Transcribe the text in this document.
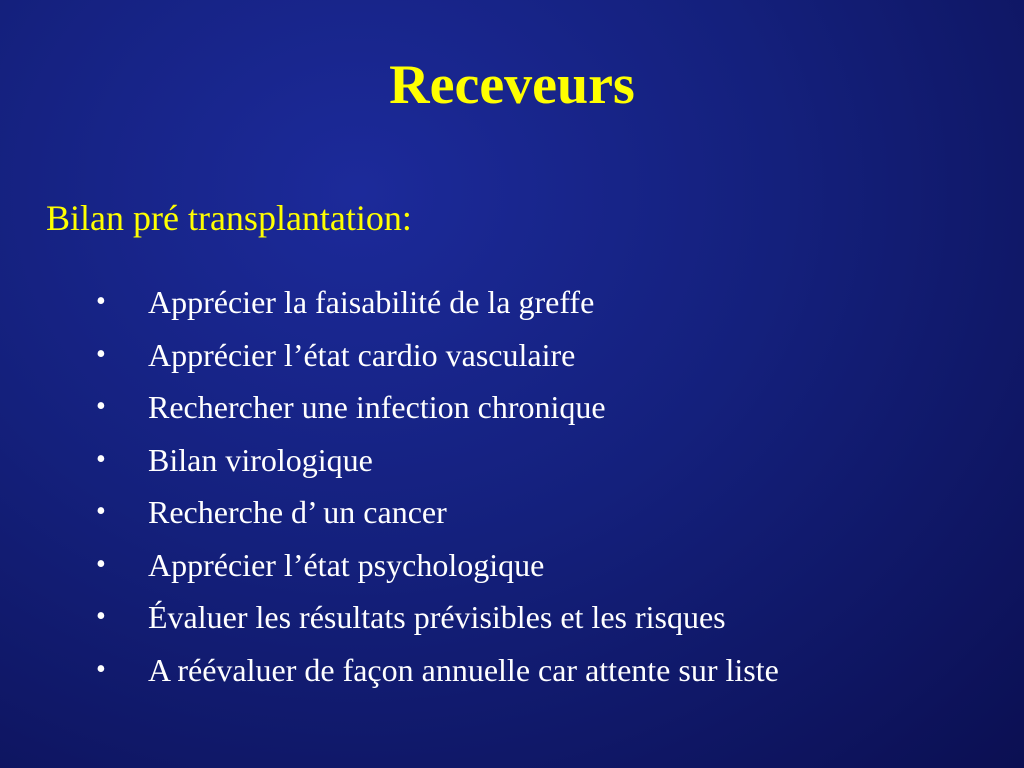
Receveurs

Bilan pré transplantation:

• Apprécier la faisabilité de la greffe
• Apprécier l’état cardio vasculaire
• Rechercher une infection chronique
• Bilan virologique
• Recherche d’ un cancer
• Apprécier l’état psychologique
• Évaluer les résultats prévisibles et les risques
• A réévaluer de façon annuelle car attente sur liste
